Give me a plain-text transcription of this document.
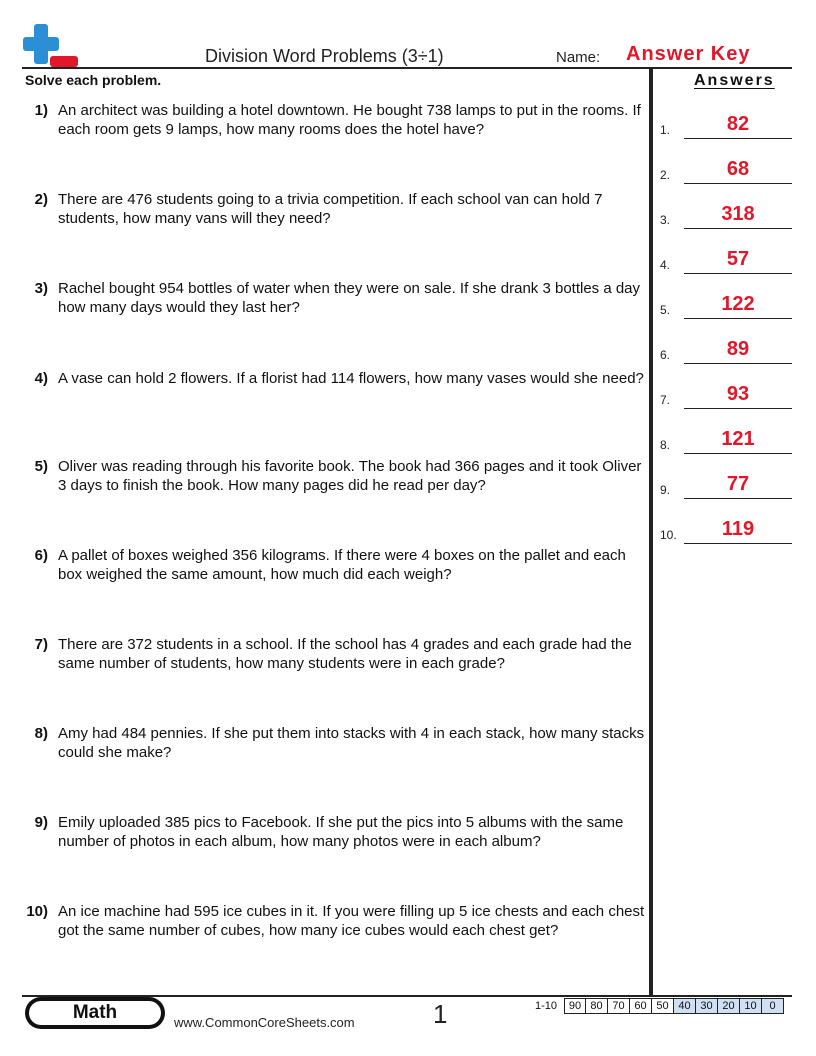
Division Word Problems (3÷1)	Name: Answer Key
Solve each problem.	Answers
1) An architect was building a hotel downtown. He bought 738 lamps to put in the rooms. If each room gets 9 lamps, how many rooms does the hotel have?
2) There are 476 students going to a trivia competition. If each school van can hold 7 students, how many vans will they need?
3) Rachel bought 954 bottles of water when they were on sale. If she drank 3 bottles a day how many days would they last her?
4) A vase can hold 2 flowers. If a florist had 114 flowers, how many vases would she need?
5) Oliver was reading through his favorite book. The book had 366 pages and it took Oliver 3 days to finish the book. How many pages did he read per day?
6) A pallet of boxes weighed 356 kilograms. If there were 4 boxes on the pallet and each box weighed the same amount, how much did each weigh?
7) There are 372 students in a school. If the school has 4 grades and each grade had the same number of students, how many students were in each grade?
8) Amy had 484 pennies. If she put them into stacks with 4 in each stack, how many stacks could she make?
9) Emily uploaded 385 pics to Facebook. If she put the pics into 5 albums with the same number of photos in each album, how many photos were in each album?
10) An ice machine had 595 ice cubes in it. If you were filling up 5 ice chests and each chest got the same number of cubes, how many ice cubes would each chest get?
1.	82
2.	68
3.	318
4.	57
5.	122
6.	89
7.	93
8.	121
9.	77
10.	119
Math	www.CommonCoreSheets.com	1	1-10	90 80 70 60 50 40 30 20 10	0
